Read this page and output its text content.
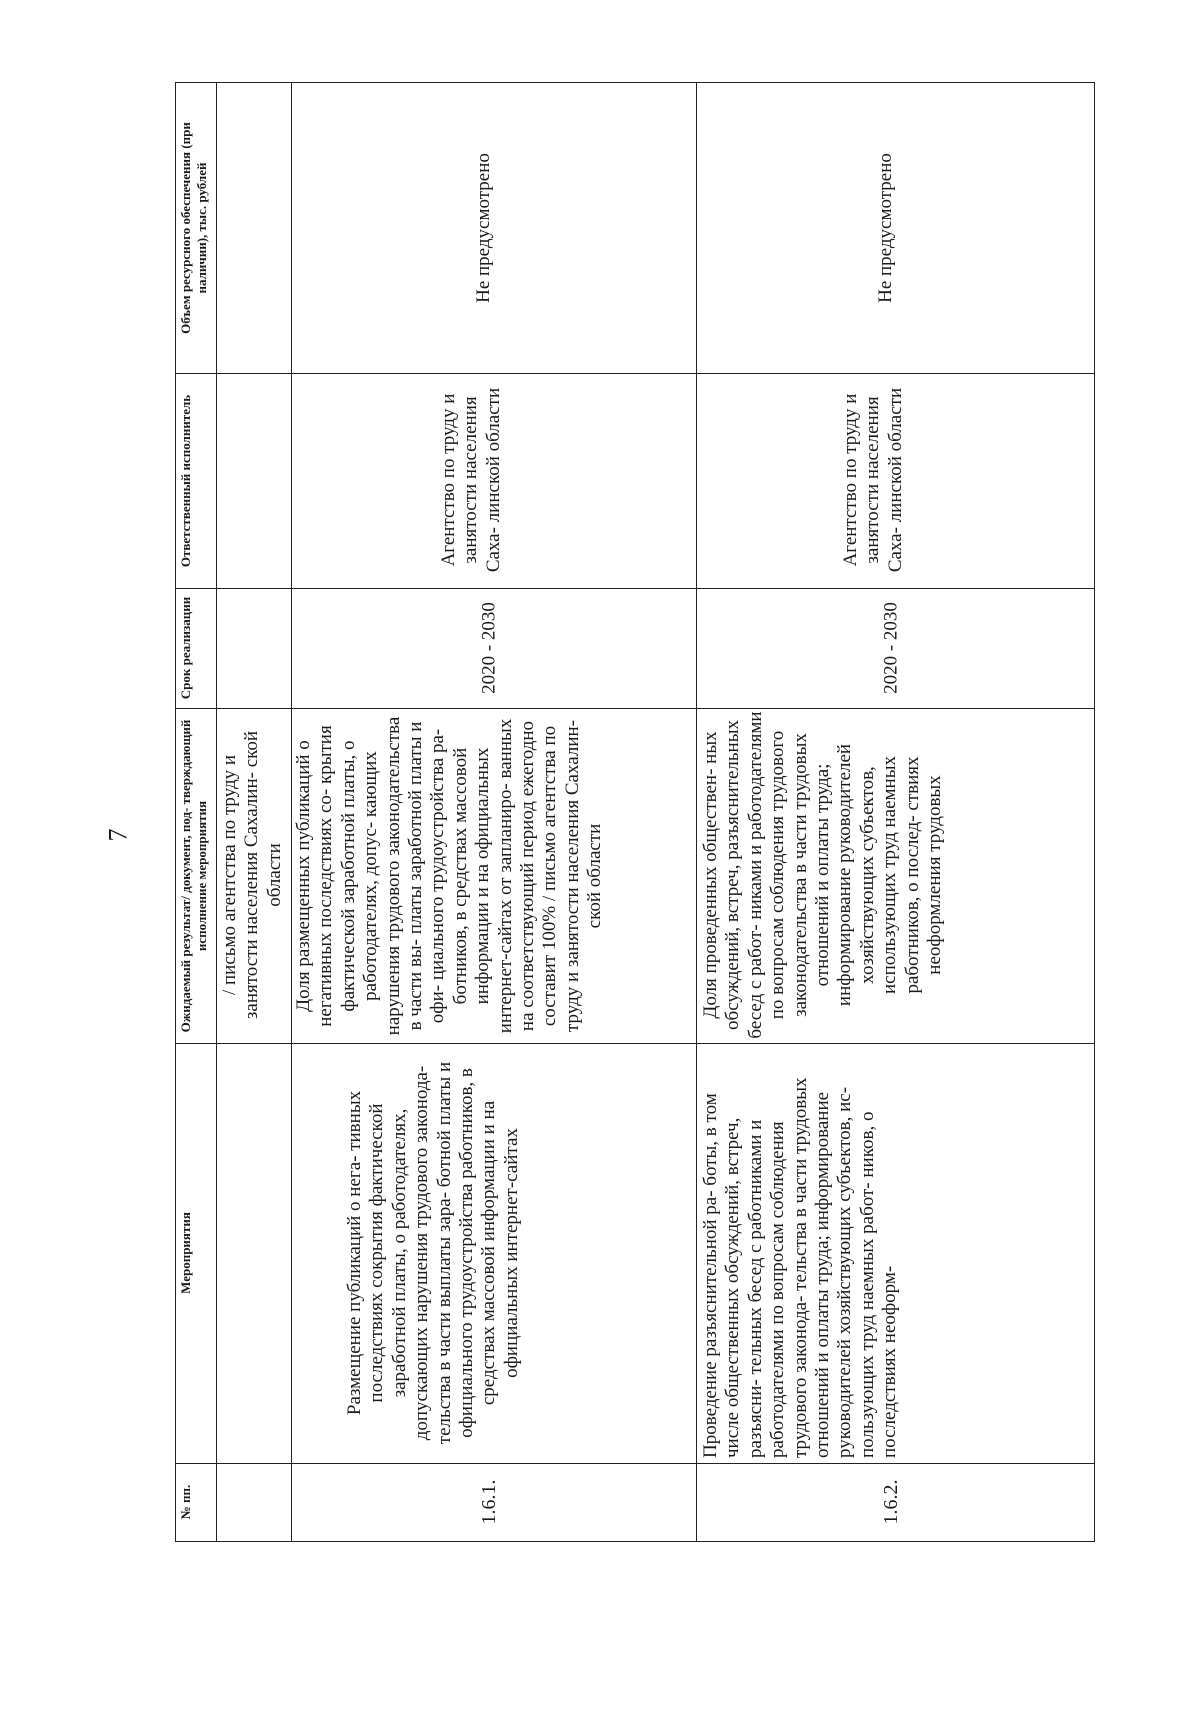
7
Объем ресурсного обеспечения (при наличии), тыс. рублей
Ответственный исполнитель
Срок реализации
Ожидаемый результат/ документ, под- тверждающий исполнение мероприятия
Мероприятия
№ пп.
/ письмо агентства по труду и занятости населения Сахалин- ской области
Не предусмотрено
Агентство по труду и занятости населения Саха- линской области
2020 - 2030
Доля размещенных публикаций о негативных последствиях со- крытия фактической заработной платы, о работодателях, допус- кающих нарушения трудового законодательства в части вы- платы заработной платы и офи- циального трудоустройства ра- ботников, в средствах массовой информации и на официальных интернет-сайтах от запланиро- ванных на соответствующий период ежегодно составит 100% / письмо агентства по труду и занятости населения Сахалин- ской области
Размещение публикаций о нега- тивных последствиях сокрытия фактической заработной платы, о работодателях, допускающих нарушения трудового законода- тельства в части выплаты зара- ботной платы и официального трудоустройства работников, в средствах массовой информации и на официальных интернет-сайтах
1.6.1.
Не предусмотрено
Агентство по труду и занятости населения Саха- линской области
2020 - 2030
Доля проведенных обществен- ных обсуждений, встреч, разъяснительных бесед с работ- никами и работодателями по вопросам соблюдения трудового законодательства в части трудовых отношений и оплаты труда; информирование руководителей хозяйствующих субъектов, использующих труд наемных работников, о послед- ствиях неоформления трудовых
Проведение разъяснительной ра- боты, в том числе общественных обсуждений, встреч, разъясни- тельных бесед с работниками и работодателями по вопросам соблюдения трудового законода- тельства в части трудовых отношений и оплаты труда; информирование руководителей хозяйствующих субъектов, ис- пользующих труд наемных работ- ников, о последствиях неоформ-
1.6.2.
